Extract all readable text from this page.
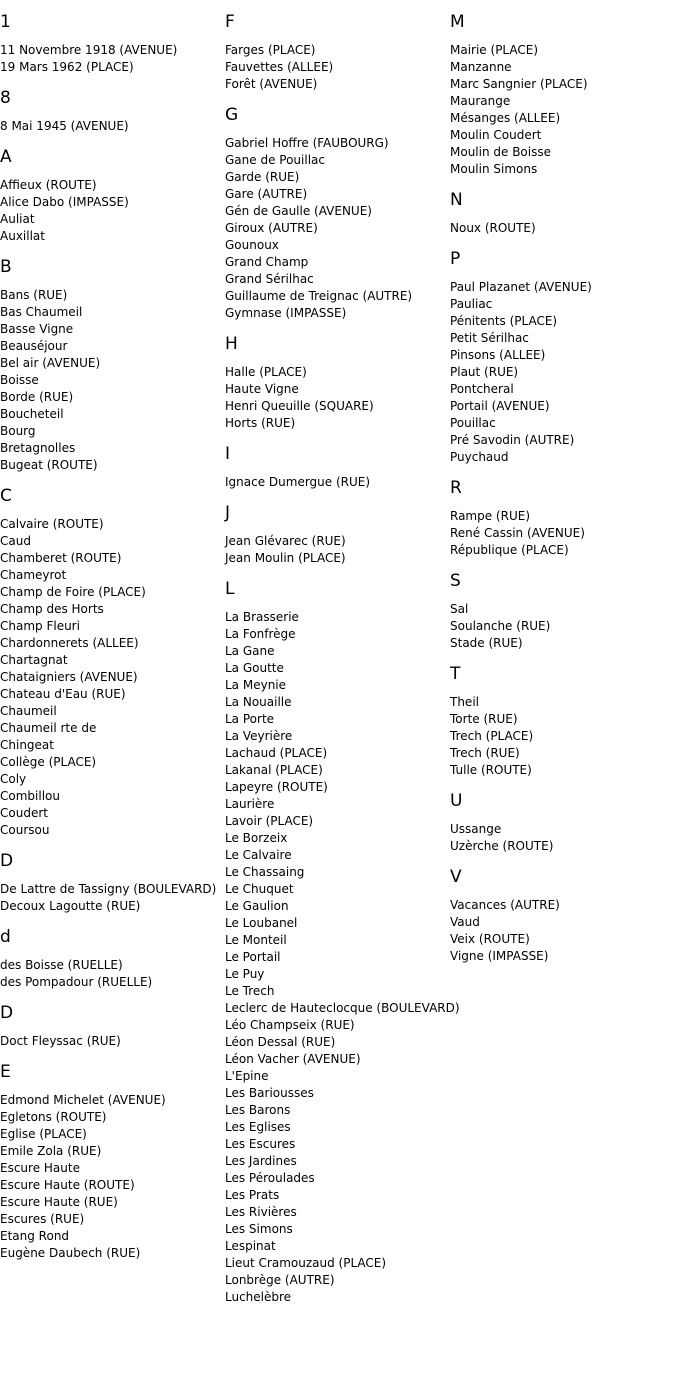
1
11 Novembre 1918 (AVENUE)
19 Mars 1962 (PLACE)
8
8 Mai 1945 (AVENUE)
A
Affieux (ROUTE)
Alice Dabo (IMPASSE)
Auliat
Auxillat
B
Bans (RUE)
Bas Chaumeil
Basse Vigne
Beauséjour
Bel air (AVENUE)
Boisse
Borde (RUE)
Boucheteil
Bourg
Bretagnolles
Bugeat (ROUTE)
C
Calvaire (ROUTE)
Caud
Chamberet (ROUTE)
Chameyrot
Champ de Foire (PLACE)
Champ des Horts
Champ Fleuri
Chardonnerets (ALLEE)
Chartagnat
Chataigniers (AVENUE)
Chateau d'Eau (RUE)
Chaumeil
Chaumeil rte de
Chingeat
Collège (PLACE)
Coly
Combillou
Coudert
Coursou
D
De Lattre de Tassigny (BOULEVARD)
Decoux Lagoutte (RUE)
d
des Boisse (RUELLE)
des Pompadour (RUELLE)
D
Doct Fleyssac (RUE)
E
Edmond Michelet (AVENUE)
Egletons (ROUTE)
Eglise (PLACE)
Emile Zola (RUE)
Escure Haute
Escure Haute (ROUTE)
Escure Haute (RUE)
Escures (RUE)
Etang Rond
Eugène Daubech (RUE)
F
Farges (PLACE)
Fauvettes (ALLEE)
Forêt (AVENUE)
G
Gabriel Hoffre (FAUBOURG)
Gane de Pouillac
Garde (RUE)
Gare (AUTRE)
Gén de Gaulle (AVENUE)
Giroux (AUTRE)
Gounoux
Grand Champ
Grand Sérilhac
Guillaume de Treignac (AUTRE)
Gymnase (IMPASSE)
H
Halle (PLACE)
Haute Vigne
Henri Queuille (SQUARE)
Horts (RUE)
I
Ignace Dumergue (RUE)
J
Jean Glévarec (RUE)
Jean Moulin (PLACE)
L
La Brasserie
La Fonfrège
La Gane
La Goutte
La Meynie
La Nouaille
La Porte
La Veyrière
Lachaud (PLACE)
Lakanal (PLACE)
Lapeyre (ROUTE)
Laurière
Lavoir (PLACE)
Le Borzeix
Le Calvaire
Le Chassaing
Le Chuquet
Le Gaulion
Le Loubanel
Le Monteil
Le Portail
Le Puy
Le Trech
Leclerc de Hauteclocque (BOULEVARD)
Léo Champseix (RUE)
Léon Dessal (RUE)
Léon Vacher (AVENUE)
L'Epine
Les Bariousses
Les Barons
Les Eglises
Les Escures
Les Jardines
Les Péroulades
Les Prats
Les Rivières
Les Simons
Lespinat
Lieut Cramouzaud (PLACE)
Lonbrège (AUTRE)
Luchelèbre
M
Mairie (PLACE)
Manzanne
Marc Sangnier (PLACE)
Maurange
Mésanges (ALLEE)
Moulin Coudert
Moulin de Boisse
Moulin Simons
N
Noux (ROUTE)
P
Paul Plazanet (AVENUE)
Pauliac
Pénitents (PLACE)
Petit Sérilhac
Pinsons (ALLEE)
Plaut (RUE)
Pontcheral
Portail (AVENUE)
Pouillac
Pré Savodin (AUTRE)
Puychaud
R
Rampe (RUE)
René Cassin (AVENUE)
République (PLACE)
S
Sal
Soulanche (RUE)
Stade (RUE)
T
Theil
Torte (RUE)
Trech (PLACE)
Trech (RUE)
Tulle (ROUTE)
U
Ussange
Uzèrche (ROUTE)
V
Vacances (AUTRE)
Vaud
Veix (ROUTE)
Vigne (IMPASSE)
